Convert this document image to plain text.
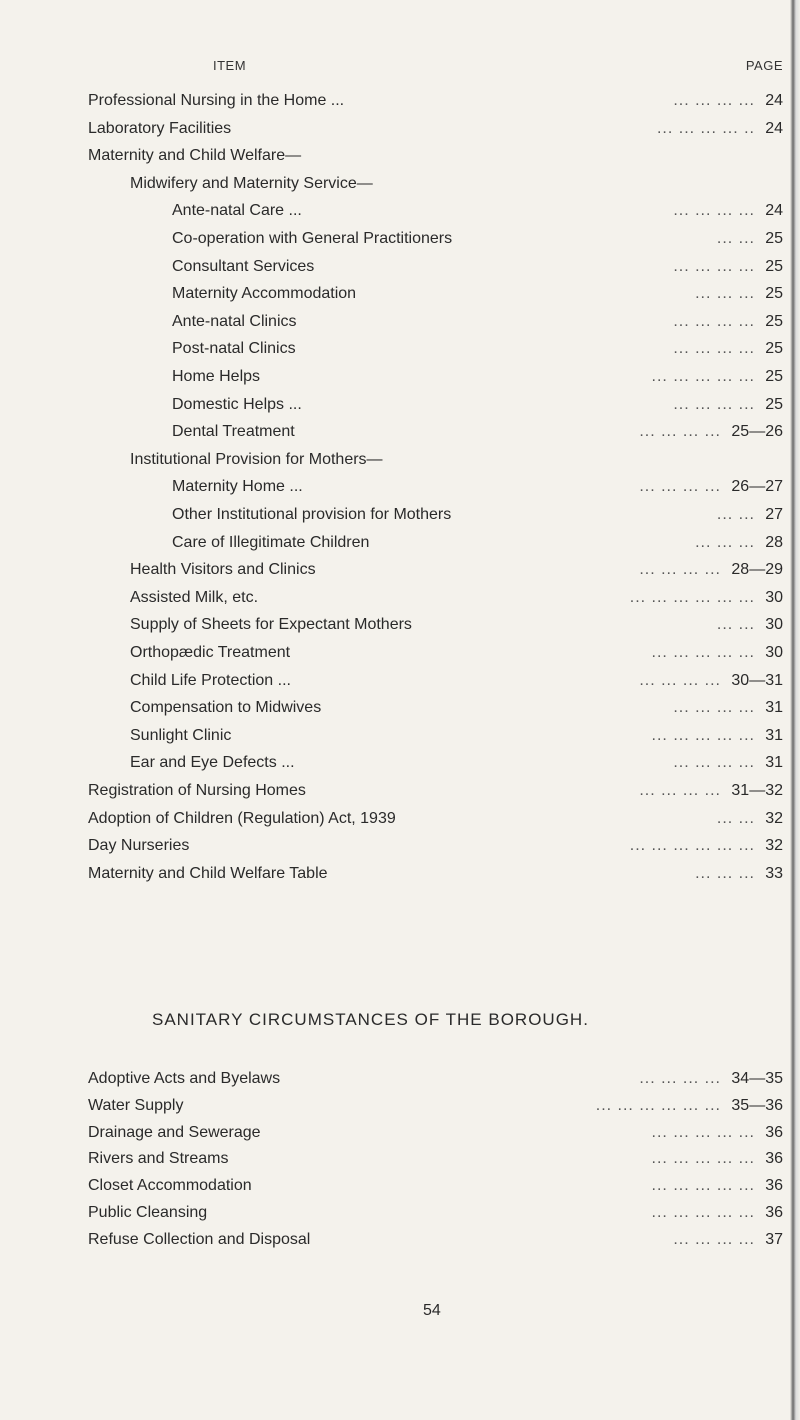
ITEM	PAGE
Professional Nursing in the Home ...	... ... ... ... 24
Laboratory Facilities	... ... ... ... .. 24
Maternity and Child Welfare—
Midwifery and Maternity Service—
Ante-natal Care ...	... ... ... ... 24
Co-operation with General Practitioners	... ... 25
Consultant Services	... ... ... ... 25
Maternity Accommodation	... ... ... 25
Ante-natal Clinics	... ... ... ... 25
Post-natal Clinics	... ... ... ... 25
Home Helps	... ... ... ... ... 25
Domestic Helps ...	... ... ... ... 25
Dental Treatment	... ... ... ... 25—26
Institutional Provision for Mothers—
Maternity Home ...	... ... ... ... 26—27
Other Institutional provision for Mothers	... ... 27
Care of Illegitimate Children	... ... ... 28
Health Visitors and Clinics	... ... ... ... 28—29
Assisted Milk, etc.	... ... ... ... ... ... 30
Supply of Sheets for Expectant Mothers	... ... 30
Orthopædic Treatment	... ... ... ... ... 30
Child Life Protection ...	... ... ... ... 30—31
Compensation to Midwives	... ... ... ... 31
Sunlight Clinic	... ... ... ... ... 31
Ear and Eye Defects ...	... ... ... ... 31
Registration of Nursing Homes	... ... ... ... 31—32
Adoption of Children (Regulation) Act, 1939	... ... 32
Day Nurseries	... ... ... ... ... ... 32
Maternity and Child Welfare Table	... ... ... 33
SANITARY CIRCUMSTANCES OF THE BOROUGH.
Adoptive Acts and Byelaws	... ... ... ... 34—35
Water Supply	... ... ... ... ... ... 35—36
Drainage and Sewerage	... ... ... ... ... 36
Rivers and Streams	... ... ... ... ... 36
Closet Accommodation	... ... ... ... ... 36
Public Cleansing	... ... ... ... ... 36
Refuse Collection and Disposal	... ... ... ... 37
54
